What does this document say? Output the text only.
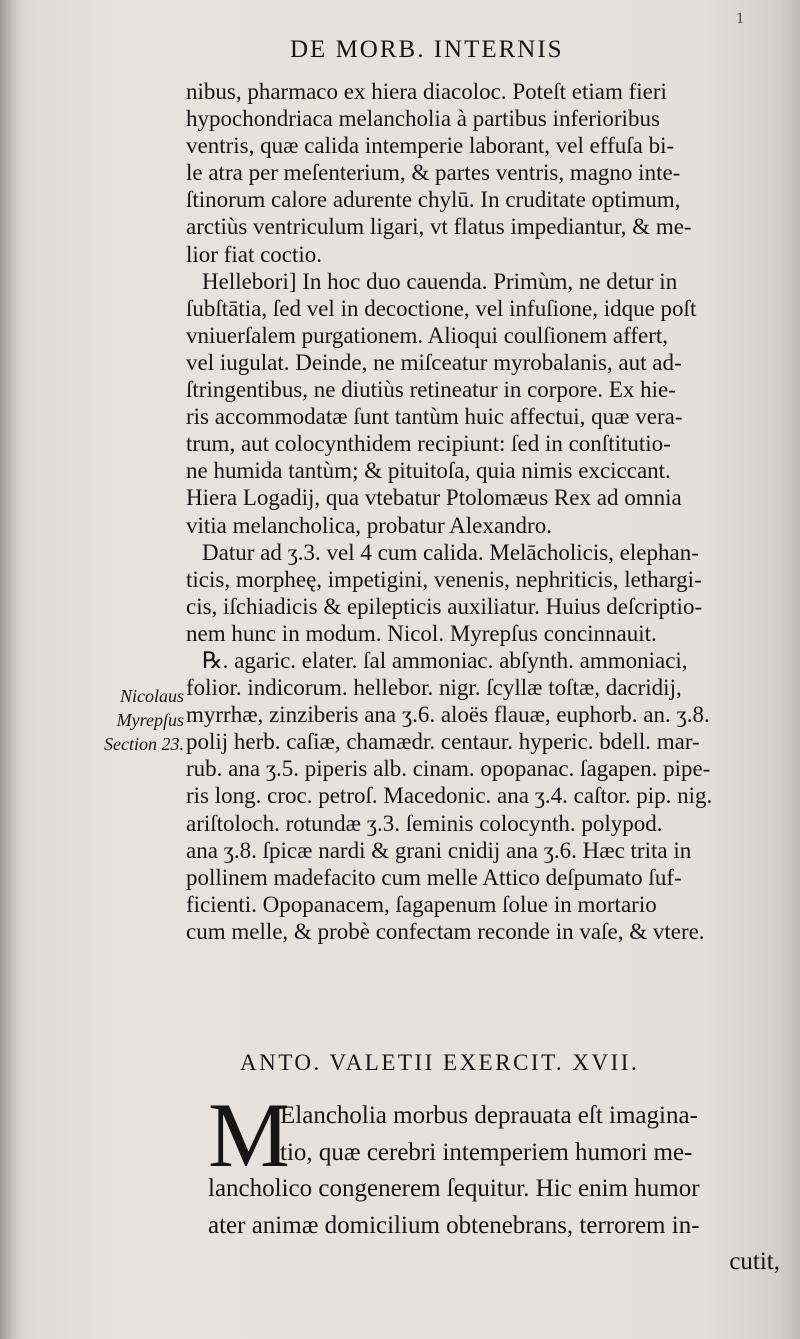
1
DE MORB. INTERNIS
nibus, pharmaco ex hiera diacoloc. Poteſt etiam fieri
hypochondriaca melancholia à partibus inferioribus
ventris, quæ calida intemperie laborant, vel effuſa bi-
le atra per meſenterium, & partes ventris, magno inte-
ſtinorum calore adurente chylū. In cruditate optimum,
arctiùs ventriculum ligari, vt flatus impediantur, & me-
lior fiat coctio.
Hellebori] In hoc duo cauenda. Primùm, ne detur in
ſubſtātia, ſed vel in decoctione, vel infuſione, idque poſt
vniuerſalem purgationem. Alioqui coulſionem affert,
vel iugulat. Deinde, ne miſceatur myrobalanis, aut ad-
ſtringentibus, ne diutiùs retineatur in corpore. Ex hie-
ris accommodatæ ſunt tantùm huic affectui, quæ vera-
trum, aut colocynthidem recipiunt: ſed in conſtitutio-
ne humida tantùm; & pituitoſa, quia nimis exciccant.
Hiera Logadij, qua vtebatur Ptolomæus Rex ad omnia
vitia melancholica, probatur Alexandro.
Datur ad ʒ.3. vel 4 cum calida. Melācholicis, elephan-
ticis, morpheę, impetigini, venenis, nephriticis, lethargi-
cis, iſchiadicis & epilepticis auxiliatur. Huius deſcriptio-
nem hunc in modum. Nicol. Myrepſus concinnauit.
℞. agaric. elater. ſal ammoniac. abſynth. ammoniaci,
folior. indicorum. hellebor. nigr. ſcyllæ toſtæ, dacridij,
myrrhæ, zinziberis ana ʒ.6. aloës flauæ, euphorb. an. ʒ.8.
polij herb. caſiæ, chamædr. centaur. hyperic. bdell. mar-
rub. ana ʒ.5. piperis alb. cinam. opopanac. ſagapen. pipe-
ris long. croc. petroſ. Macedonic. ana ʒ.4. caſtor. pip. nig.
ariſtoloch. rotundæ ʒ.3. ſeminis colocynth. polypod.
ana ʒ.8. ſpicæ nardi & grani cnidij ana ʒ.6. Hæc trita in
pollinem madefacito cum melle Attico deſpumato ſuf-
ficienti. Opopanacem, ſagapenum ſolue in mortario
cum melle, & probè confectam reconde in vaſe, & vtere.
Nicolaus
Myrepſus
Section 23.
ANTO. VALETII EXERCIT. XVII.
M
Elancholia morbus deprauata eſt imagina-
tio, quæ cerebri intemperiem humori me-
lancholico congenerem ſequitur. Hic enim humor
ater animæ domicilium obtenebrans, terrorem in-
cutit,
